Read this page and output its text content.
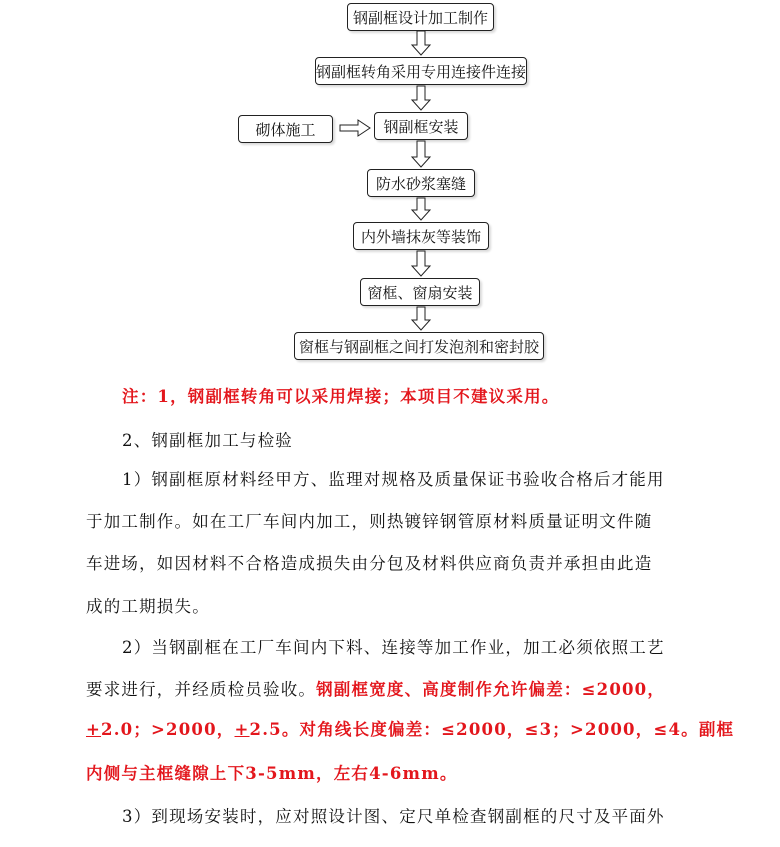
钢副框设计加工制作
钢副框转角采用专用连接件连接
砌体施工	钢副框安装
防水砂浆塞缝
内外墙抹灰等装饰
窗框、窗扇安装
窗框与钢副框之间打发泡剂和密封胶
注：1，钢副框转角可以采用焊接；本项目不建议采用。
2、钢副框加工与检验
1）钢副框原材料经甲方、监理对规格及质量保证书验收合格后才能用
于加工制作。如在工厂车间内加工，则热镀锌钢管原材料质量证明文件随
车进场，如因材料不合格造成损失由分包及材料供应商负责并承担由此造
成的工期损失。
2）当钢副框在工厂车间内下料、连接等加工作业，加工必须依照工艺
要求进行，并经质检员验收。钢副框宽度、高度制作允许偏差：≤2000，
+2.0；>2000，+2.5。对角线长度偏差：≤2000，≤3；>2000，≤4。副框
内侧与主框缝隙上下3-5mm，左右4-6mm。
3）到现场安装时，应对照设计图、定尺单检查钢副框的尺寸及平面外
